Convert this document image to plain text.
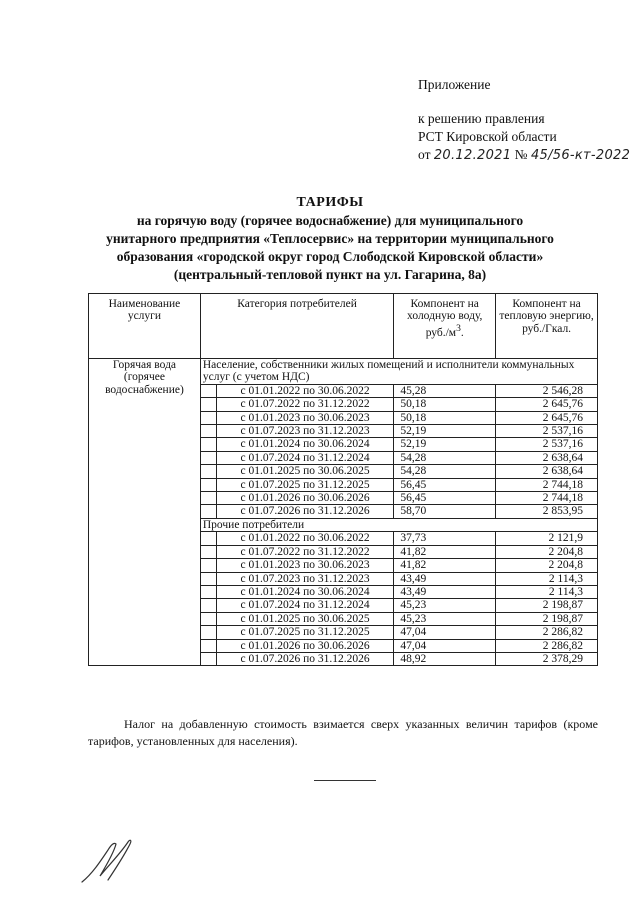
Приложение
к решению правления
РСТ Кировской области
от 20.12.2021 № 45/56-кт-2022
ТАРИФЫ
на горячую воду (горячее водоснабжение) для муниципального
унитарного предприятия «Теплосервис» на территории муниципального
образования «городской округ город Слободской Кировской области»
(центральный-тепловой пункт на ул. Гагарина, 8а)
Наименование услуги	Категория потребителей		Компонент на холодную воду, $руб./м^3$.	Компонент на тепловую энергию, руб./Гкал.
Горячая вода (горячее водоснабжение)	Население, собственники жилых помещений и исполнители коммунальных услуг (с учетом НДС)			
		с 01.01.2022 по 30.06.2022	45,28	2 546,28
		с 01.07.2022 по 31.12.2022	50,18	2 645,76
		с 01.01.2023 по 30.06.2023	50,18	2 645,76
		с 01.07.2023 по 31.12.2023	52,19	2 537,16
		с 01.01.2024 по 30.06.2024	52,19	2 537,16
		с 01.07.2024 по 31.12.2024	54,28	2 638,64
		с 01.01.2025 по 30.06.2025	54,28	2 638,64
		с 01.07.2025 по 31.12.2025	56,45	2 744,18
		с 01.01.2026 по 30.06.2026	56,45	2 744,18
		с 01.07.2026 по 31.12.2026	58,70	2 853,95
	Прочие потребители			
		с 01.01.2022 по 30.06.2022	37,73	2 121,9
		с 01.07.2022 по 31.12.2022	41,82	2 204,8
		с 01.01.2023 по 30.06.2023	41,82	2 204,8
		с 01.07.2023 по 31.12.2023	43,49	2 114,3
		с 01.01.2024 по 30.06.2024	43,49	2 114,3
		с 01.07.2024 по 31.12.2024	45,23	2 198,87
		с 01.01.2025 по 30.06.2025	45,23	2 198,87
		с 01.07.2025 по 31.12.2025	47,04	2 286,82
		с 01.01.2026 по 30.06.2026	47,04	2 286,82
		с 01.07.2026 по 31.12.2026	48,92	2 378,29
Налог на добавленную стоимость взимается сверх указанных величин тарифов (кроме тарифов, установленных для населения).
